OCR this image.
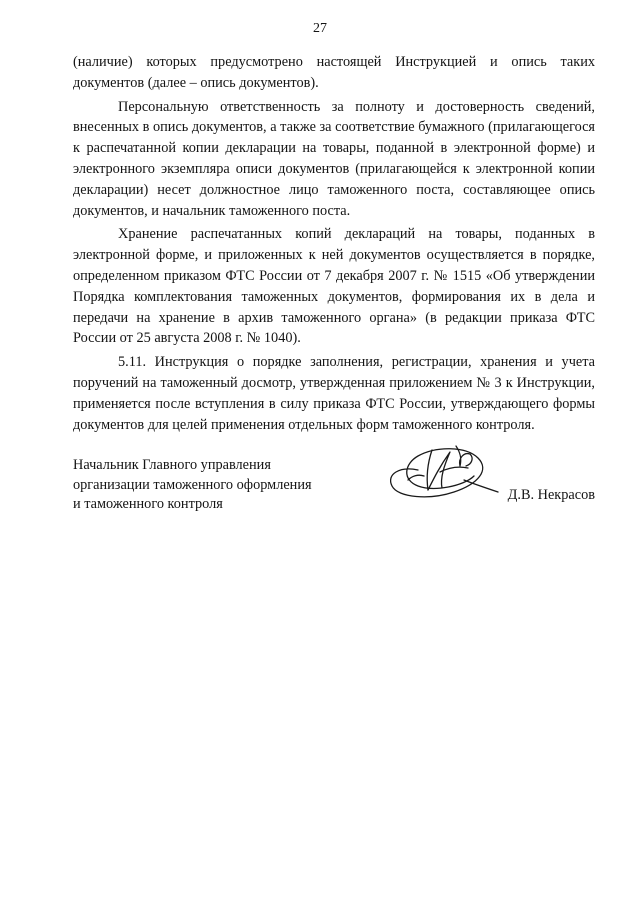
27

(наличие) которых предусмотрено настоящей Инструкцией и опись таких документов (далее – опись документов).

Персональную ответственность за полноту и достоверность сведений, внесенных в опись документов, а также за соответствие бумажного (прилагающегося к распечатанной копии декларации на товары, поданной в электронной форме) и электронного экземпляра описи документов (прилагающейся к электронной копии декларации) несет должностное лицо таможенного поста, составляющее опись документов, и начальник таможенного поста.

Хранение распечатанных копий деклараций на товары, поданных в электронной форме, и приложенных к ней документов осуществляется в порядке, определенном приказом ФТС России от 7 декабря 2007 г. № 1515 «Об утверждении Порядка комплектования таможенных документов, формирования их в дела и передачи на хранение в архив таможенного органа» (в редакции приказа ФТС России от 25 августа 2008 г. № 1040).

5.11. Инструкция о порядке заполнения, регистрации, хранения и учета поручений на таможенный досмотр, утвержденная приложением № 3 к Инструкции, применяется после вступления в силу приказа ФТС России, утверждающего формы документов для целей применения отдельных форм таможенного контроля.

Начальник Главного управления
организации таможенного оформления
и таможенного контроля
Д.В. Некрасов
